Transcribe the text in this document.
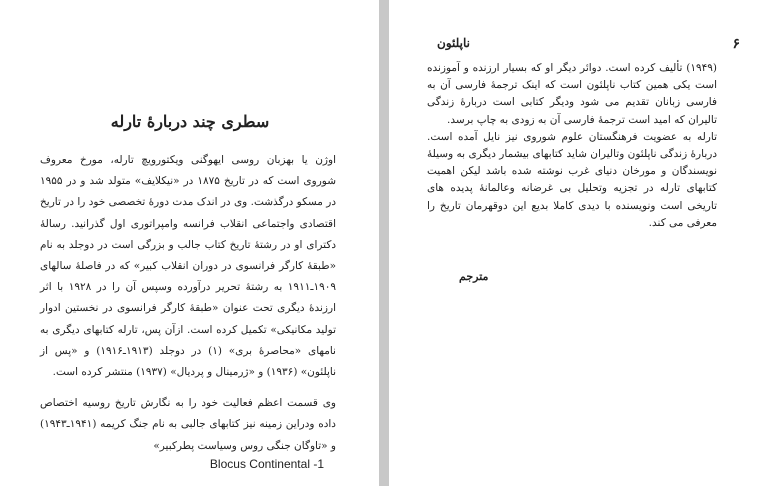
سطری چند دربارهٔ تارله

اوژن یا بهزبان روسی ایهوگنی ویکتورویچ تارله، مورخ معروف شوروی است که در تاریخ ۱۸۷۵ در «نیکلایف» متولد شد و در ۱۹۵۵ در مسکو درگذشت. وی در اندک مدت دورهٔ تخصصی خود را در تاریخ اقتصادی واجتماعی انقلاب فرانسه وامپراتوری اول گذرانید. رسالهٔ دکترای او در رشتهٔ تاریخ کتاب جالب و بزرگی است در دوجلد به نام «طبقهٔ کارگر فرانسوی در دوران انقلاب کبیر» که در فاصلهٔ سالهای ۱۹۰۹ـ۱۹۱۱ به رشتهٔ تحریر درآورده وسپس آن را در ۱۹۲۸ با اثر ارزندهٔ دیگری تحت عنوان «طبقهٔ کارگر فرانسوی در نخستین ادوار تولید مکانیکی» تکمیل کرده است. ازآن پس، تارله کتابهای دیگری به نامهای «محاصرهٔ بری» (۱) در دوجلد (۱۹۱۳ـ۱۹۱۶) و «پس از ناپلئون» (۱۹۳۶) و «ژرمینال و پردیال» (۱۹۳۷) منتشر کرده است.

وی قسمت اعظم فعالیت خود را به نگارش تاریخ روسیه اختصاص داده ودراین زمینه نیز کتابهای جالبی به نام جنگ کریمه (۱۹۴۱ـ۱۹۴۳) و «تاوگان جنگی روس وسیاست پطرکبیر»

Blocus Continental -1
۶
ناپلئون

(۱۹۴۹) تألیف کرده است. دوائر دیگر او که بسیار ارزنده و آموزنده است یکی همین کتاب ناپلئون است که اینک ترجمهٔ فارسی آن به فارسی زبانان تقدیم می شود ودیگر کتابی است دربارهٔ زندگی تالیران که امید است ترجمهٔ فارسی آن به زودی به چاپ برسد.

تارله به عضویت فرهنگستان علوم شوروی نیز نایل آمده است. دربارهٔ زندگی ناپلئون وتالیران شاید کتابهای بیشمار دیگری به وسیلهٔ نویسندگان و مورخان دنیای غرب نوشته شده باشد لیکن اهمیت کتابهای تارله در تجزیه وتحلیل بی غرضانه وعالمانهٔ پدیده های تاریخی است ونویسنده با دیدی کاملا بدیع این دوقهرمان تاریخ را معرفی می کند.

مترجم
